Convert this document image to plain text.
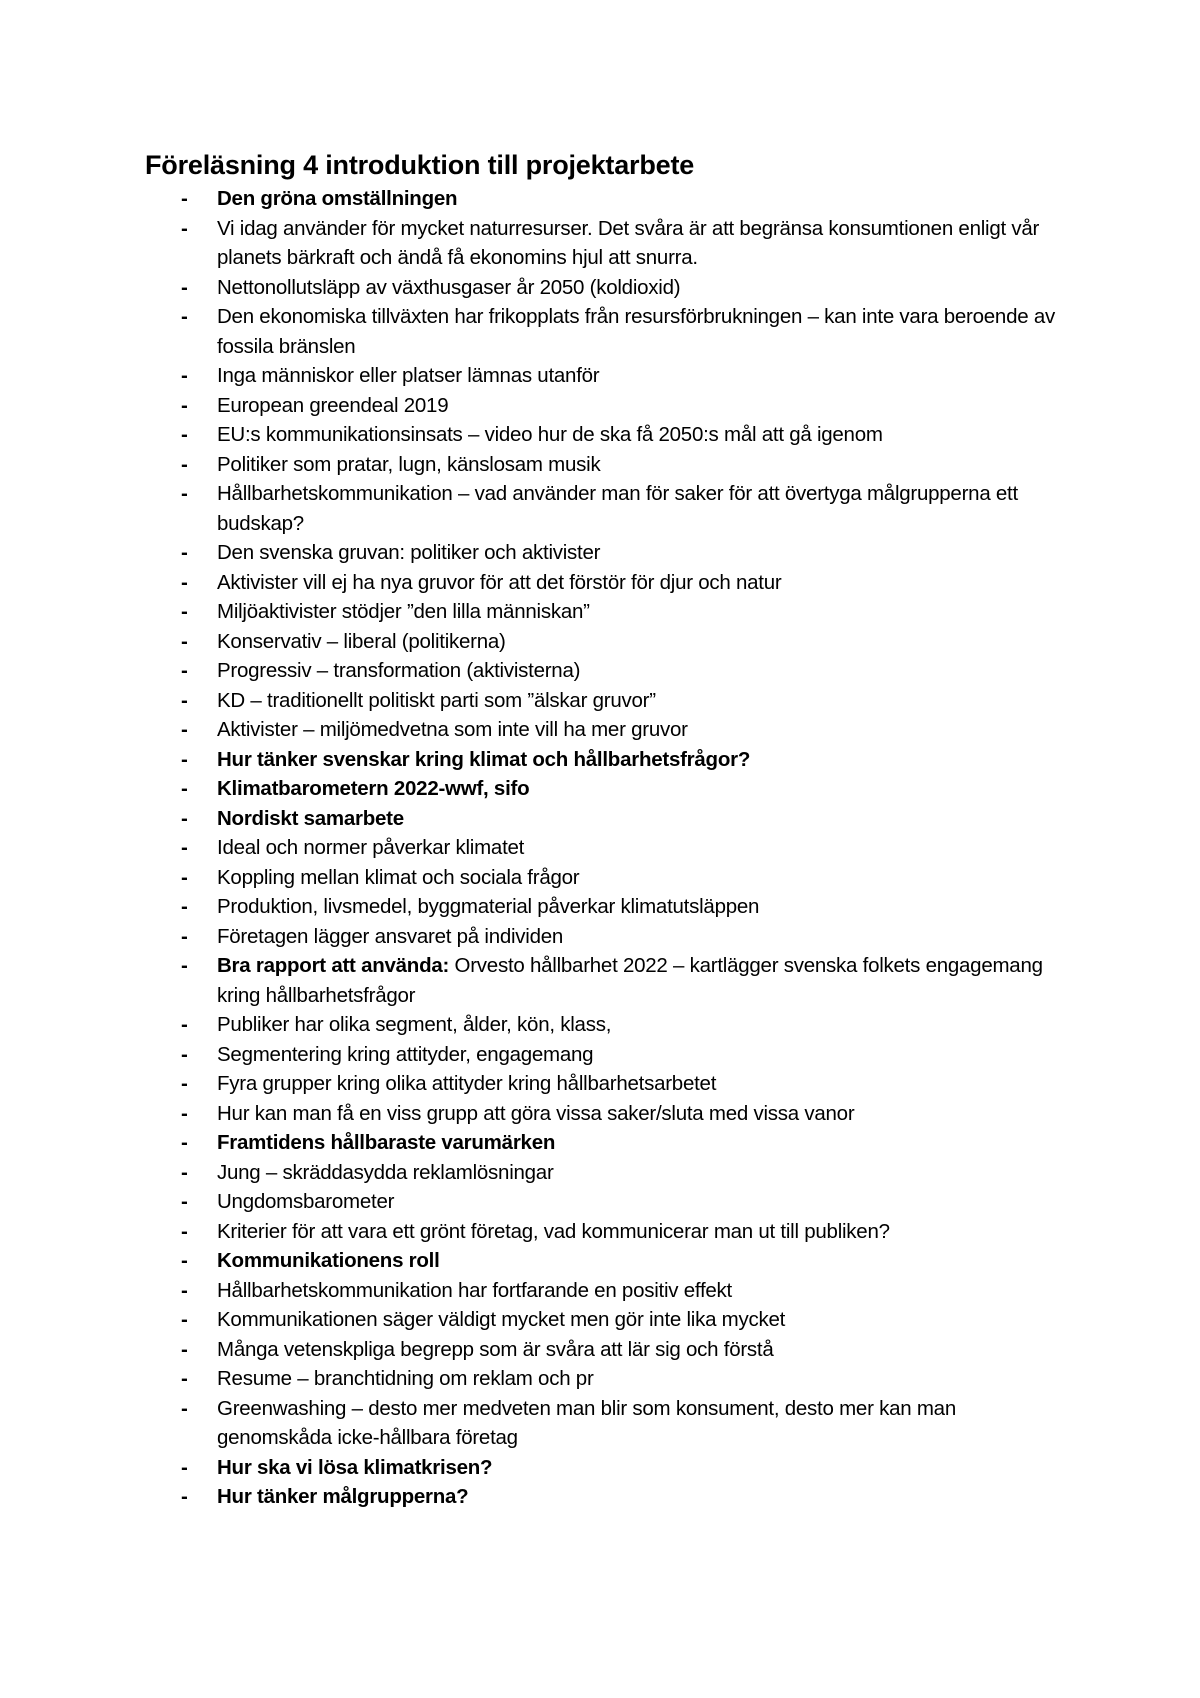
Föreläsning 4 introduktion till projektarbete
- Den gröna omställningen
- Vi idag använder för mycket naturresurser. Det svåra är att begränsa konsumtionen enligt vår planets bärkraft och ändå få ekonomins hjul att snurra.
- Nettonollutsläpp av växthusgaser år 2050 (koldioxid)
- Den ekonomiska tillväxten har frikopplats från resursförbrukningen – kan inte vara beroende av fossila bränslen
- Inga människor eller platser lämnas utanför
- European greendeal 2019
- EU:s kommunikationsinsats – video hur de ska få 2050:s mål att gå igenom
- Politiker som pratar, lugn, känslosam musik
- Hållbarhetskommunikation – vad använder man för saker för att övertyga målgrupperna ett budskap?
- Den svenska gruvan: politiker och aktivister
- Aktivister vill ej ha nya gruvor för att det förstör för djur och natur
- Miljöaktivister stödjer ”den lilla människan”
- Konservativ – liberal (politikerna)
- Progressiv – transformation (aktivisterna)
- KD – traditionellt politiskt parti som ”älskar gruvor”
- Aktivister – miljömedvetna som inte vill ha mer gruvor
- Hur tänker svenskar kring klimat och hållbarhetsfrågor?
- Klimatbarometern 2022-wwf, sifo
- Nordiskt samarbete
- Ideal och normer påverkar klimatet
- Koppling mellan klimat och sociala frågor
- Produktion, livsmedel, byggmaterial påverkar klimatutsläppen
- Företagen lägger ansvaret på individen
- Bra rapport att använda: Orvesto hållbarhet 2022 – kartlägger svenska folkets engagemang kring hållbarhetsfrågor
- Publiker har olika segment, ålder, kön, klass,
- Segmentering kring attityder, engagemang
- Fyra grupper kring olika attityder kring hållbarhetsarbetet
- Hur kan man få en viss grupp att göra vissa saker/sluta med vissa vanor
- Framtidens hållbaraste varumärken
- Jung – skräddasydda reklamlösningar
- Ungdomsbarometer
- Kriterier för att vara ett grönt företag, vad kommunicerar man ut till publiken?
- Kommunikationens roll
- Hållbarhetskommunikation har fortfarande en positiv effekt
- Kommunikationen säger väldigt mycket men gör inte lika mycket
- Många vetenskpliga begrepp som är svåra att lär sig och förstå
- Resume – branchtidning om reklam och pr
- Greenwashing – desto mer medveten man blir som konsument, desto mer kan man genomskåda icke-hållbara företag
- Hur ska vi lösa klimatkrisen?
- Hur tänker målgrupperna?
